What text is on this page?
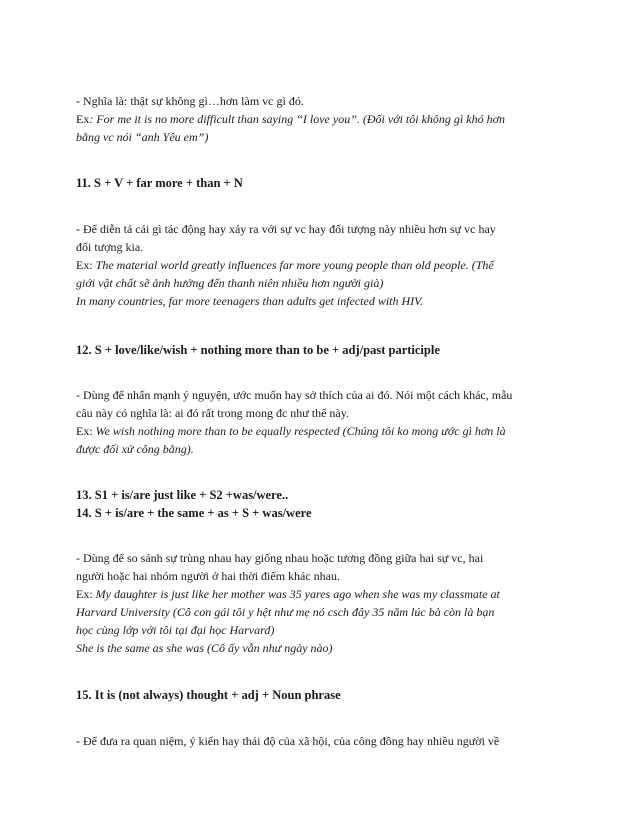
- Nghĩa là: thật sự không gì…hơn làm vc gì đó.

Ex: For me it is no more difficult than saying “I love you”. (Đối với tôi không gì khó hơn

bằng vc nói “anh Yêu em”)

11. S + V + far more + than + N

- Để diễn tả cái gì tác động hay xảy ra với sự vc hay đối tượng này nhiều hơn sự vc hay

đối tượng kia.

Ex: The material world greatly influences far more young people than old people. (Thế

giới vật chất sẽ ảnh hưởng đến thanh niên nhiều hơn người già)

In many countries, far more teenagers than adults get infected with HIV.

12. S + love/like/wish + nothing more than to be + adj/past participle

- Dùng để nhấn mạnh ý nguyện, ước muốn hay sở thích của ai đó. Nói một cách khác, mẫu

câu này có nghĩa là: ai đó rất trong mong đc như thế này.

Ex: We wish nothing more than to be equally respected (Chúng tôi ko mong ước gì hơn là

được đối xử công bằng).

13. S1 + is/are just like + S2 +was/were..

14. S + is/are + the same + as + S + was/were

- Dùng để so sánh sự trùng nhau hay giống nhau hoặc tương đồng giữa hai sự vc, hai

người hoặc hai nhóm người ở hai thời điểm khác nhau.

Ex: My daughter is just like her mother was 35 yares ago when she was my classmate at

Harvard University (Cô con gái tôi y hệt như mẹ nó csch đây 35 năm lúc bà còn là bạn

học cùng lớp với tôi tại đại học Harvard)

She is the same as she was (Cô ấy vẫn như ngày nào)

15. It is (not always) thought + adj + Noun phrase

- Để đưa ra quan niệm, ý kiến hay thái độ của xã hội, của công đồng hay nhiều người về
